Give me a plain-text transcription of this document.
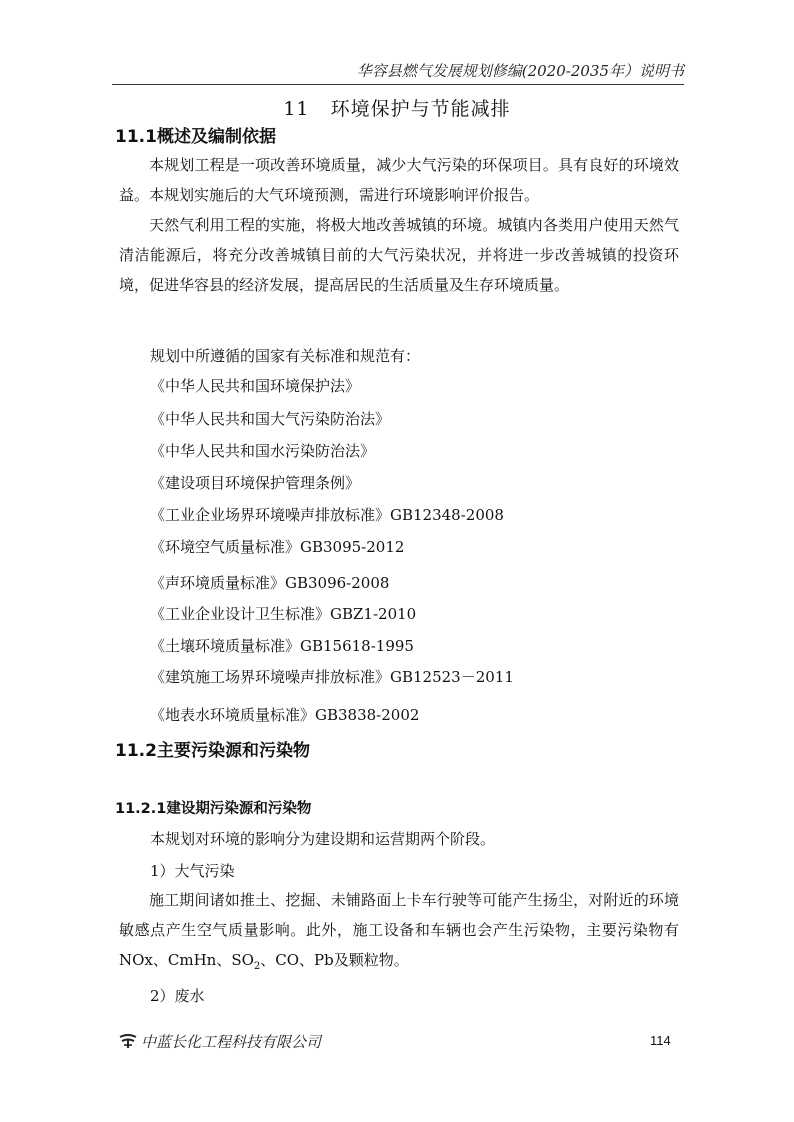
华容县燃气发展规划修编(2020-2035年）说明书
11   环境保护与节能减排
11.1概述及编制依据

本规划工程是一项改善环境质量，减少大气污染的环保项目。具有良好的环境效益。本规划实施后的大气环境预测，需进行环境影响评价报告。

天然气利用工程的实施，将极大地改善城镇的环境。城镇内各类用户使用天然气清洁能源后，将充分改善城镇目前的大气污染状况，并将进一步改善城镇的投资环境，促进华容县的经济发展，提高居民的生活质量及生存环境质量。

规划中所遵循的国家有关标准和规范有：
《中华人民共和国环境保护法》
《中华人民共和国大气污染防治法》
《中华人民共和国水污染防治法》
《建设项目环境保护管理条例》
《工业企业场界环境噪声排放标准》GB12348-2008
《环境空气质量标准》GB3095-2012
《声环境质量标准》GB3096-2008
《工业企业设计卫生标准》GBZ1-2010
《土壤环境质量标准》GB15618-1995
《建筑施工场界环境噪声排放标准》GB12523－2011
《地表水环境质量标准》GB3838-2002
11.2主要污染源和污染物
11.2.1建设期污染源和污染物
本规划对环境的影响分为建设期和运营期两个阶段。
1）大气污染

施工期间诸如推土、挖掘、未铺路面上卡车行驶等可能产生扬尘，对附近的环境敏感点产生空气质量影响。此外，施工设备和车辆也会产生污染物，主要污染物有NOx、CmHn、$SO_2$、CO、Pb及颗粒物。

2）废水
中蓝长化工程科技有限公司	114
